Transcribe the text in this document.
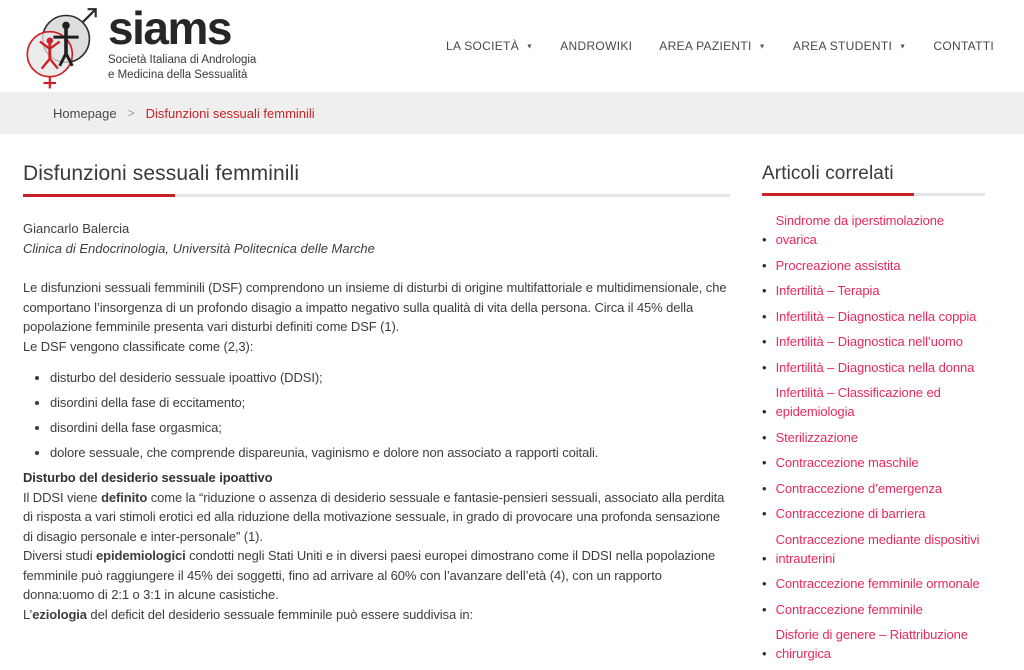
siams
Società Italiana di Andrologia
e Medicina della Sessualità
LA SOCIETÀ ▼ ANDROWIKI AREA PAZIENTI ▼ AREA STUDENTI ▼ CONTATTI
Homepage > Disfunzioni sessuali femminili
Disfunzioni sessuali femminili
Giancarlo Balercia
Clinica di Endocrinologia, Università Politecnica delle Marche

Le disfunzioni sessuali femminili (DSF) comprendono un insieme di disturbi di origine multifattoriale e multidimensionale, che comportano l’insorgenza di un profondo disagio a impatto negativo sulla qualità di vita della persona. Circa il 45% della popolazione femminile presenta vari disturbi definiti come DSF (1).
Le DSF vengono classificate come (2,3):

• disturbo del desiderio sessuale ipoattivo (DDSI);
• disordini della fase di eccitamento;
• disordini della fase orgasmica;
• dolore sessuale, che comprende dispareunia, vaginismo e dolore non associato a rapporti coitali.

Disturbo del desiderio sessuale ipoattivo

Il DDSI viene definito come la “riduzione o assenza di desiderio sessuale e fantasie-pensieri sessuali, associato alla perdita di risposta a vari stimoli erotici ed alla riduzione della motivazione sessuale, in grado di provocare una profonda sensazione di disagio personale e inter-personale” (1).
Diversi studi epidemiologici condotti negli Stati Uniti e in diversi paesi europei dimostrano come il DDSI nella popolazione femminile può raggiungere il 45% dei soggetti, fino ad arrivare al 60% con l’avanzare dell’età (4), con un rapporto donna:uomo di 2:1 o 3:1 in alcune casistiche.
L’eziologia del deficit del desiderio sessuale femminile può essere suddivisa in:

Articoli correlati
•
Sindrome da iperstimolazione ovarica
• Procreazione assistita
• Infertilità – Terapia
• Infertilità – Diagnostica nella coppia
• Infertilità – Diagnostica nell’uomo
• Infertilità – Diagnostica nella donna
•
Infertilità – Classificazione ed epidemiologia
• Sterilizzazione
• Contraccezione maschile
• Contraccezione d’emergenza
• Contraccezione di barriera
•
Contraccezione mediante dispositivi intrauterini
• Contraccezione femminile ormonale
• Contraccezione femminile
•
Disforie di genere – Riattribuzione chirurgica
